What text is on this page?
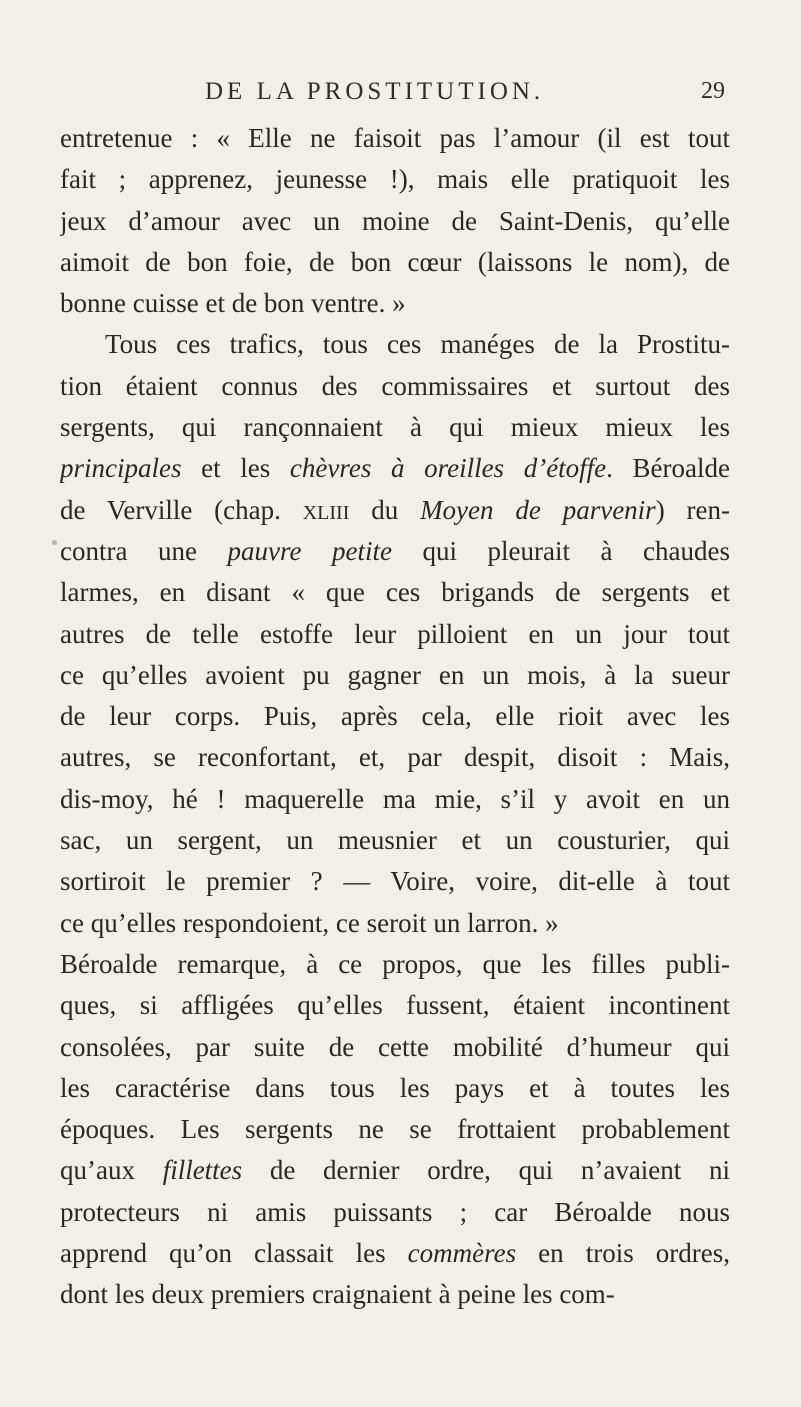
DE LA PROSTITUTION.	29
entretenue : « Elle ne faisoit pas l’amour (il est tout
fait ; apprenez, jeunesse !), mais elle pratiquoit les
jeux d’amour avec un moine de Saint-Denis, qu’elle
aimoit de bon foie, de bon cœur (laissons le nom), de
bonne cuisse et de bon ventre. »
Tous ces trafics, tous ces manéges de la Prostitu-
tion étaient connus des commissaires et surtout des
sergents, qui rançonnaient à qui mieux mieux les
principales et les chèvres à oreilles d’étoffe. Béroalde
de Verville (chap. XLIII du Moyen de parvenir) ren-
contra une pauvre petite qui pleurait à chaudes
larmes, en disant « que ces brigands de sergents et
autres de telle estoffe leur pilloient en un jour tout
ce qu’elles avoient pu gagner en un mois, à la sueur
de leur corps. Puis, après cela, elle rioit avec les
autres, se reconfortant, et, par despit, disoit : Mais,
dis-moy, hé ! maquerelle ma mie, s’il y avoit en un
sac, un sergent, un meusnier et un cousturier, qui
sortiroit le premier ? — Voire, voire, dit-elle à tout
ce qu’elles respondoient, ce seroit un larron. »
Béroalde remarque, à ce propos, que les filles publi-
ques, si affligées qu’elles fussent, étaient incontinent
consolées, par suite de cette mobilité d’humeur qui
les caractérise dans tous les pays et à toutes les
époques. Les sergents ne se frottaient probablement
qu’aux fillettes de dernier ordre, qui n’avaient ni
protecteurs ni amis puissants ; car Béroalde nous
apprend qu’on classait les commères en trois ordres,
dont les deux premiers craignaient à peine les com-
